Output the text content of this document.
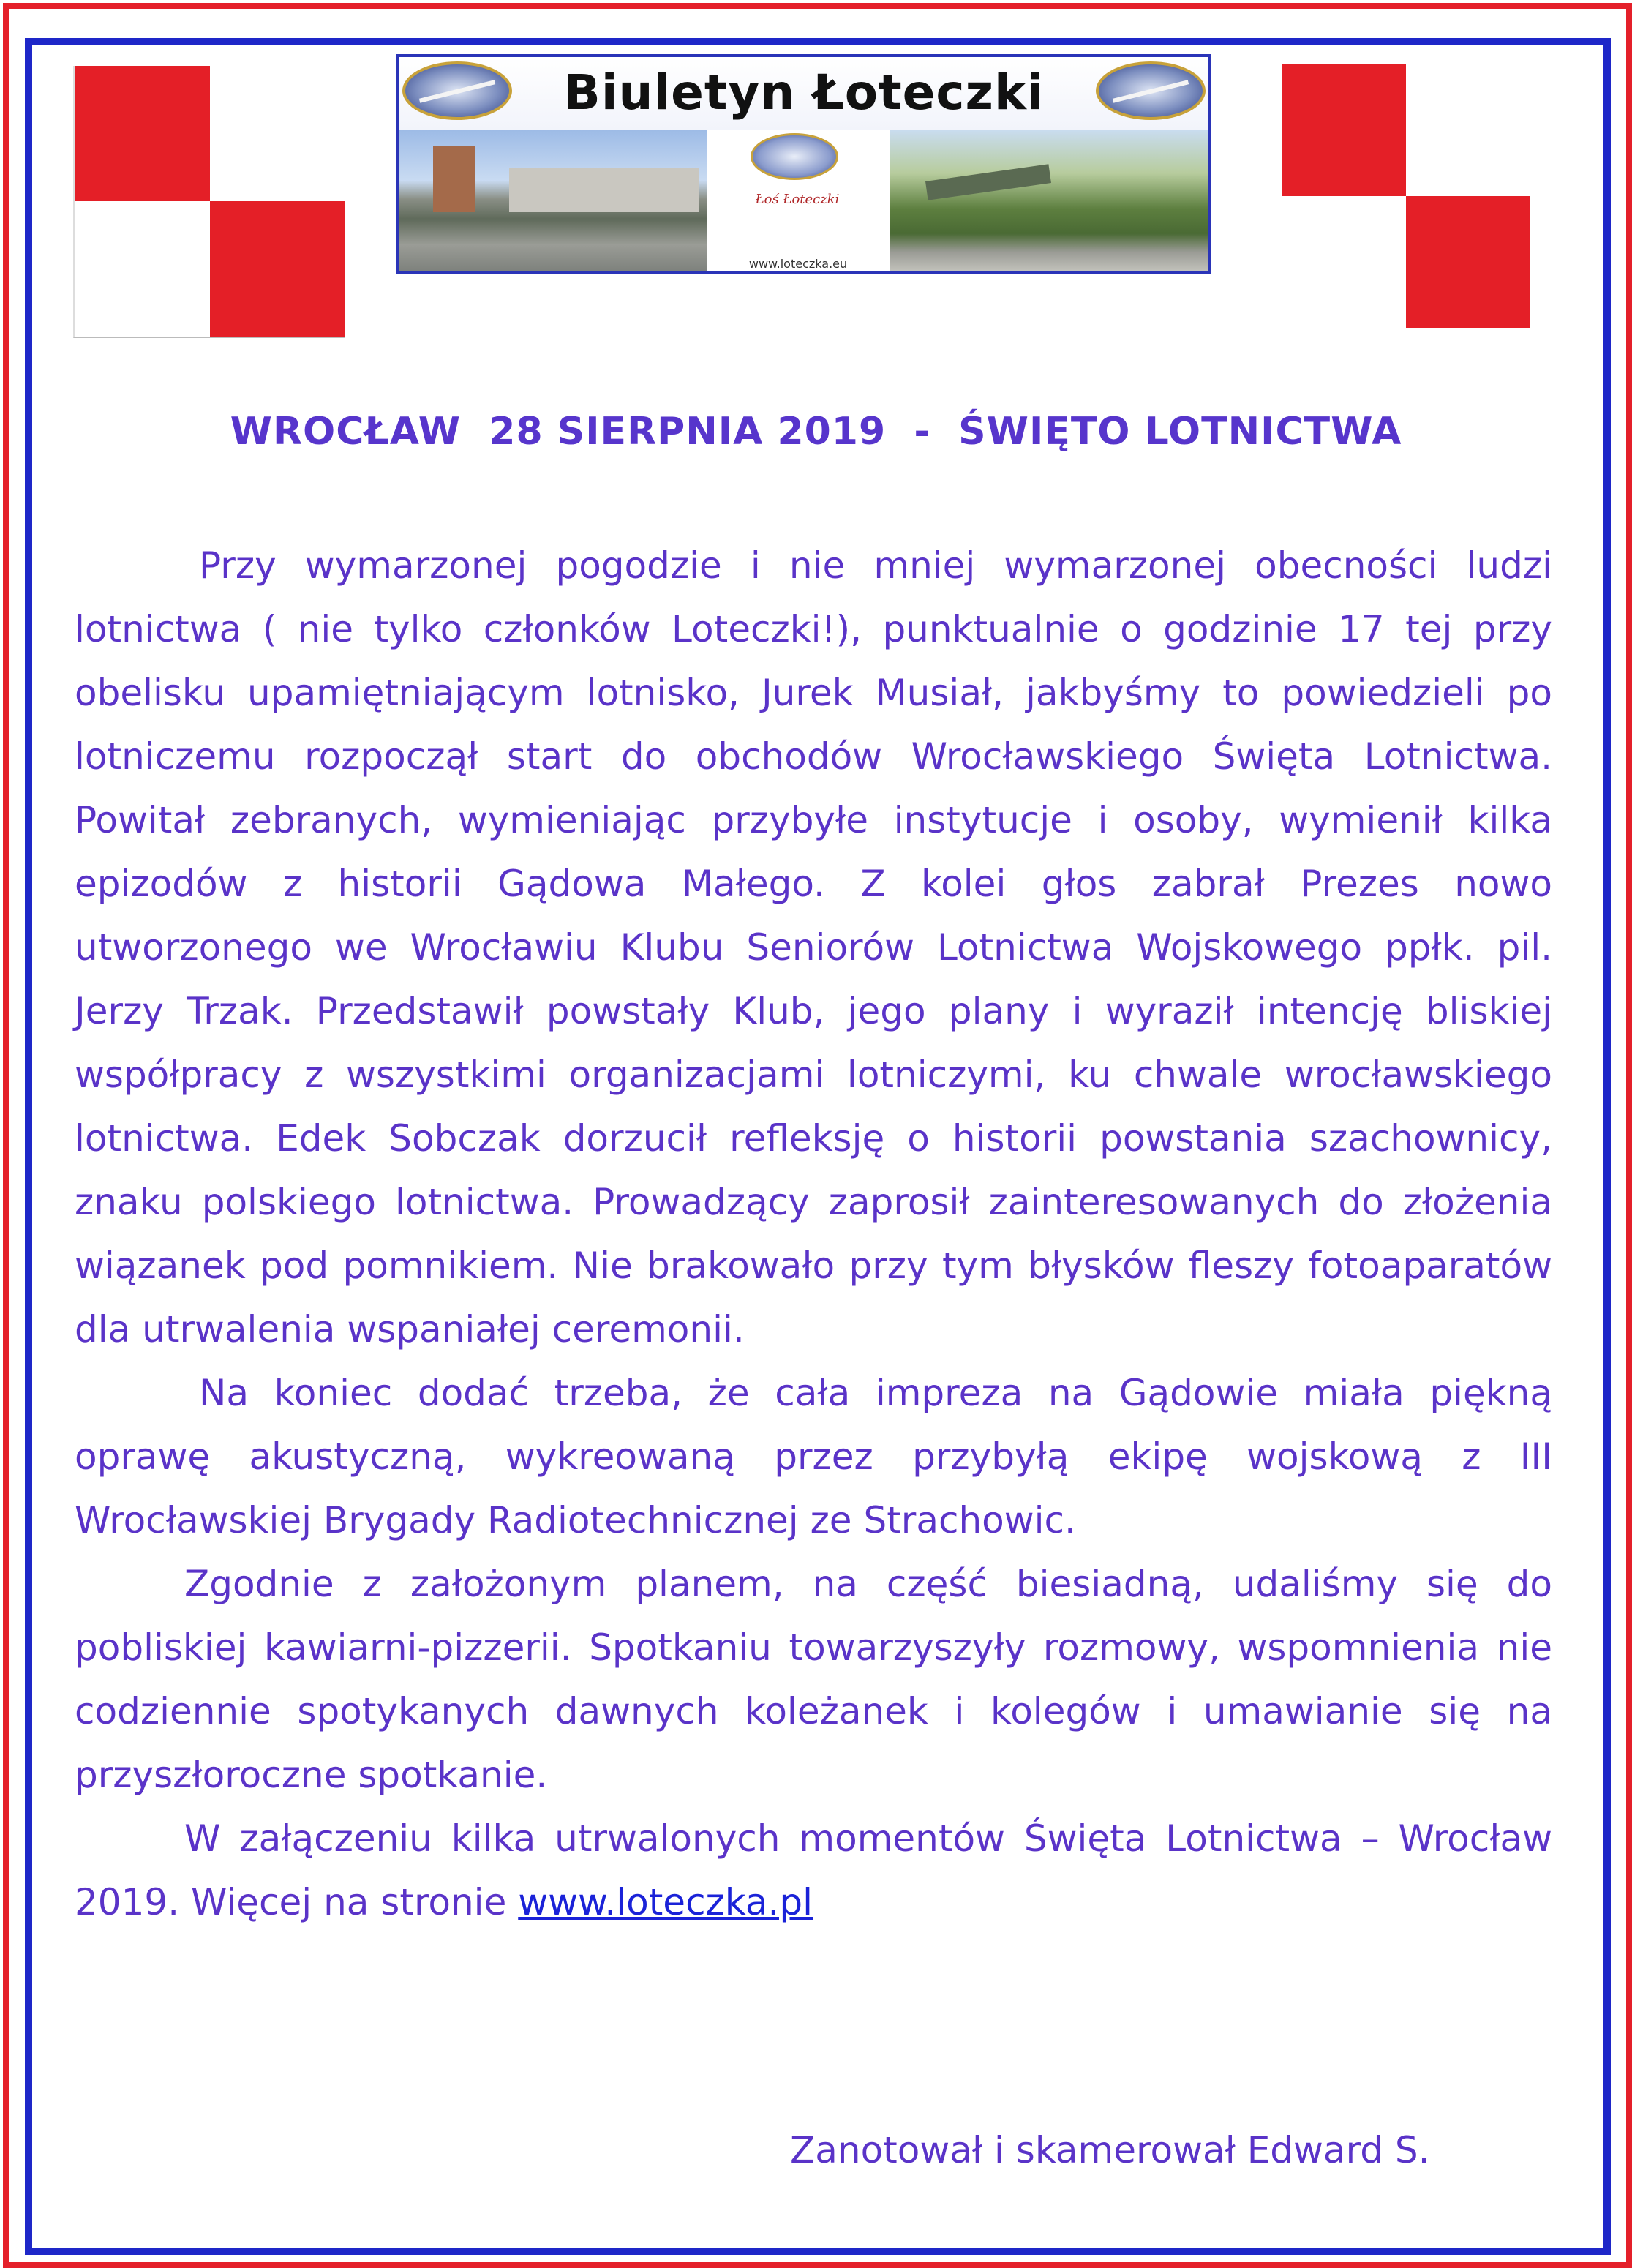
Biuletyn Łoteczki
Łoś Łoteczki
www.loteczka.eu
WROCŁAW  28 SIERPNIA 2019  -  ŚWIĘTO LOTNICTWA

Przy wymarzonej pogodzie i nie mniej wymarzonej obecności ludzi lotnictwa ( nie tylko członków Loteczki!), punktualnie o godzinie 17 tej przy obelisku upamiętniającym lotnisko, Jurek Musiał, jakbyśmy to powiedzieli po lotniczemu rozpoczął start do obchodów Wrocławskiego Święta Lotnictwa. Powitał zebranych, wymieniając przybyłe instytucje i osoby, wymienił kilka epizodów z historii Gądowa Małego. Z kolei głos zabrał Prezes nowo utworzonego we Wrocławiu Klubu Seniorów Lotnictwa Wojskowego ppłk. pil. Jerzy Trzak. Przedstawił powstały Klub, jego plany i wyraził intencję bliskiej współpracy z wszystkimi organizacjami lotniczymi, ku chwale wrocławskiego lotnictwa. Edek Sobczak dorzucił refleksję o historii powstania szachownicy, znaku polskiego lotnictwa. Prowadzący zaprosił zainteresowanych do złożenia wiązanek pod pomnikiem. Nie brakowało przy tym błysków fleszy fotoaparatów dla utrwalenia wspaniałej ceremonii.

Na koniec dodać trzeba, że cała impreza na Gądowie miała piękną oprawę akustyczną, wykreowaną przez przybyłą ekipę wojskową z III Wrocławskiej Brygady Radiotechnicznej ze Strachowic.

Zgodnie z założonym planem, na część biesiadną, udaliśmy się do pobliskiej kawiarni-pizzerii. Spotkaniu towarzyszyły rozmowy, wspomnienia nie codziennie spotykanych dawnych koleżanek i kolegów i umawianie się na przyszłoroczne spotkanie.

W załączeniu kilka utrwalonych momentów Święta Lotnictwa – Wrocław 2019. Więcej na stronie www.loteczka.pl

Zanotował i skamerował Edward S.
